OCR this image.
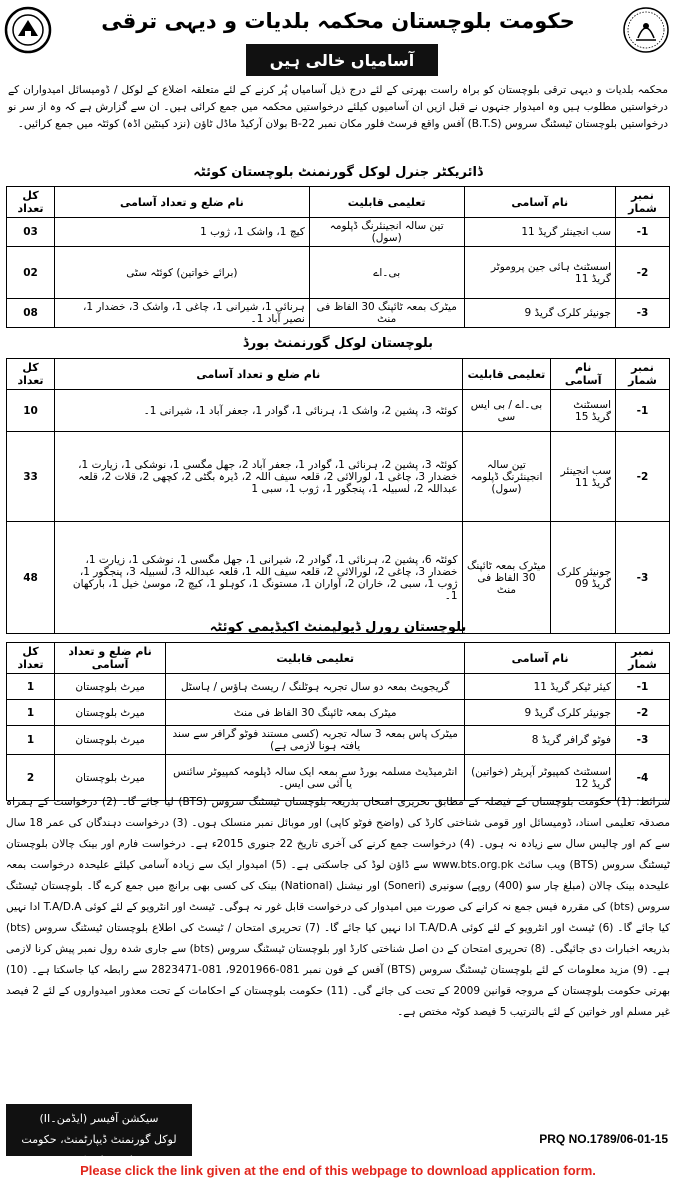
حکومت بلوچستان محکمہ بلدیات و دیہی ترقی
آسامیاں خالی ہیں
محکمہ بلدیات و دیہی ترقی بلوچستان کو براہ راست بھرتی کے لئے درج ذیل آسامیاں پُر کرنے کے لئے متعلقہ اضلاع کے لوکل / ڈومیسائل امیدواران کے درخواستیں مطلوب ہیں وہ امیدوار جنہوں نے قبل ازیں ان آسامیوں کیلئے درخواستیں محکمہ میں جمع کرائی ہیں۔ ان سے گزارش ہے کہ وہ از سر نو درخواستیں بلوچستان ٹیسٹنگ سروس (B.T.S) آفس واقع فرسٹ فلور مکان نمبر B-22 بولان آرکیڈ ماڈل ٹاؤن (نزد کینٹین اڈہ) کوئٹہ میں جمع کرائیں۔
ڈائریکٹر جنرل لوکل گورنمنٹ بلوچستان کوئٹہ
نمبر شمار	نام آسامی	تعلیمی قابلیت	نام ضلع و تعداد آسامی	کل تعداد
-1	سب انجینئر گریڈ 11	تین سالہ انجینئرنگ ڈپلومہ (سول)	کیچ 1، واشک 1، ژوب 1	03
-2	اسسٹنٹ ہائی جین پروموٹر گریڈ 11	بی۔اے	(برائے خواتین) کوئٹہ سٹی	02
-3	جونیئر کلرک گریڈ 9	میٹرک بمعہ ٹائپنگ 30 الفاظ فی منٹ	ہرنائی 1، شیرانی 1، چاغی 1، واشک 3، خضدار 1، نصیر آباد 1۔	08
بلوچستان لوکل گورنمنٹ بورڈ
نمبر شمار	نام آسامی	تعلیمی قابلیت	نام ضلع و تعداد آسامی	کل تعداد
-1	اسسٹنٹ گریڈ 15	بی۔اے / بی ایس سی	کوئٹہ 3، پشین 2، واشک 1، ہرنائی 1، گوادر 1، جعفر آباد 1، شیرانی 1۔	10
-2	سب انجینئر گریڈ 11	تین سالہ انجینئرنگ ڈپلومہ (سول)	کوئٹہ 3، پشین 2، ہرنائی 1، گوادر 1، جعفر آباد 2، جھل مگسی 1، نوشکی 1، زیارت 1، خضدار 3، چاغی 1، لورالائی 2، قلعہ سیف اللہ 2، ڈیرہ بگٹی 2، کچھی 2، قلات 2، قلعہ عبداللہ 2، لسبیلہ 1، پنجگور 1، ژوب 1، سبی 1	33
-3	جونیئر کلرک گریڈ 09	میٹرک بمعہ ٹائپنگ 30 الفاظ فی منٹ	کوئٹہ 6، پشین 2، ہرنائی 1، گوادر 2، شیرانی 1، جھل مگسی 1، نوشکی 1، زیارت 1، خضدار 3، چاغی 2، لورالائی 2، قلعہ سیف اللہ 1، قلعہ عبداللہ 3، لسبیلہ 3، پنجگور 1، ژوب 1، سبی 2، خاران 2، آواران 1، مستونگ 1، کوہلو 1، کیچ 2، موسیٰ خیل 1، بارکھان 1۔	48
بلوچستان رورل ڈیولپمنٹ اکیڈیمی کوئٹہ
نمبر شمار	نام آسامی	تعلیمی قابلیت	نام ضلع و تعداد آسامی	کل تعداد
-1	کیئر ٹیکر گریڈ 11	گریجویٹ بمعہ دو سال تجربہ ہوٹلنگ / ریسٹ ہاؤس / ہاسٹل	میرٹ بلوچستان	1
-2	جونیئر کلرک گریڈ 9	میٹرک بمعہ ٹائپنگ 30 الفاظ فی منٹ	میرٹ بلوچستان	1
-3	فوٹو گرافر گریڈ 8	میٹرک پاس بمعہ 3 سالہ تجربہ (کسی مستند فوٹو گرافر سے سند یافتہ ہونا لازمی ہے)	میرٹ بلوچستان	1
-4	اسسٹنٹ کمپیوٹر آپریٹر (خواتین) گریڈ 12	انٹرمیڈیٹ مسلمہ بورڈ سے بمعہ ایک سالہ ڈپلومہ کمپیوٹر سائنس یا آئی سی ایس۔	میرٹ بلوچستان	2
شرائط: (1) حکومت بلوچستان کے فیصلہ کے مطابق تحریری امتحان بذریعہ بلوچستان ٹیسٹنگ سروس (BTS) لیا جائے گا۔ (2) درخواست کے ہمراہ مصدقہ تعلیمی اسناد، ڈومیسائل اور قومی شناختی کارڈ کی (واضح فوٹو کاپی) اور موبائل نمبر منسلک ہوں۔ (3) درخواست دہندگان کی عمر 18 سال سے کم اور چالیس سال سے زیادہ نہ ہوں۔ (4) درخواست جمع کرنے کی آخری تاریخ 22 جنوری 2015ء ہے۔ درخواست فارم اور بینک چالان بلوچستان ٹیسٹنگ سروس (BTS) ویب سائٹ www.bts.org.pk سے ڈاؤن لوڈ کی جاسکتی ہے۔ (5) امیدوار ایک سے زیادہ آسامی کیلئے علیحدہ درخواست بمعہ علیحدہ بینک چالان (مبلغ چار سو (400) روپے) سونیری (Soneri) اور نیشنل (National) بینک کی کسی بھی برانچ میں جمع کرے گا۔ بلوچستان ٹیسٹنگ سروس (bts) کی مقررہ فیس جمع نہ کرانے کی صورت میں امیدوار کی درخواست قابل غور نہ ہوگی۔ ٹیسٹ اور انٹرویو کے لئے کوئی T.A/D.A ادا نہیں کیا جائے گا۔ (6) ٹیسٹ اور انٹرویو کے لئے کوئی T.A/D.A ادا نہیں کیا جائے گا۔ (7) تحریری امتحان / ٹیسٹ کی اطلاع بلوچستان ٹیسٹنگ سروس (bts) بذریعہ اخبارات دی جائیگی۔ (8) تحریری امتحان کے دن اصل شناختی کارڈ اور بلوچستان ٹیسٹنگ سروس (bts) سے جاری شدہ رول نمبر پیش کرنا لازمی ہے۔ (9) مزید معلومات کے لئے بلوچستان ٹیسٹنگ سروس (BTS) آفس کے فون نمبر 081-9201966، 081-2823471 سے رابطہ کیا جاسکتا ہے۔ (10) بھرتی حکومت بلوچستان کے مروجہ قوانین 2009 کے تحت کی جائے گی۔ (11) حکومت بلوچستان کے احکامات کے تحت معذور امیدواروں کے لئے 2 فیصد غیر مسلم اور خواتین کے لئے بالترتیب 5 فیصد کوٹہ مختص ہے۔
سیکشن آفیسر (ایڈمن۔II)
لوکل گورنمنٹ ڈیپارٹمنٹ، حکومت بلوچستان، کوئٹہ
PRQ NO.1789/06-01-15
Please click the link given at the end of this webpage to download application form.
